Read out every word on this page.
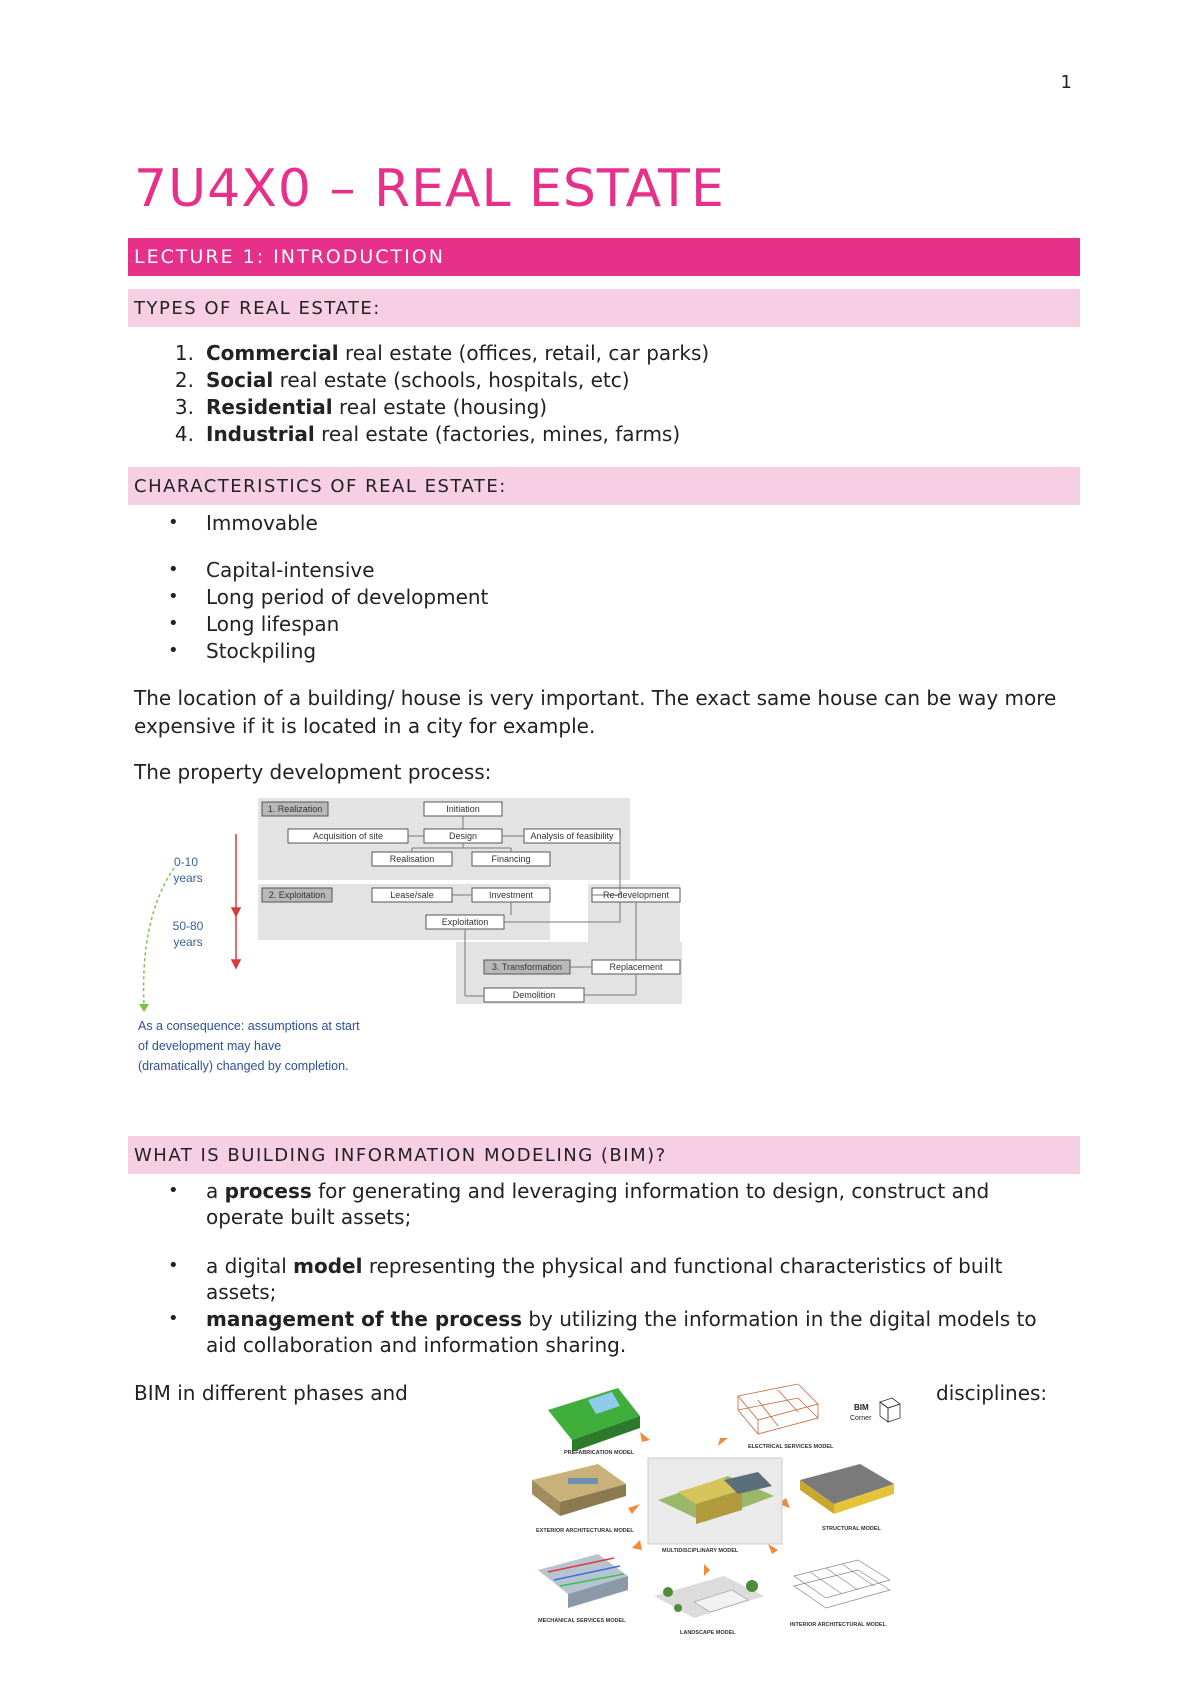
1
7U4X0 – REAL ESTATE
LECTURE 1: INTRODUCTION
TYPES OF REAL ESTATE:
1. Commercial real estate (offices, retail, car parks)
2. Social real estate (schools, hospitals, etc)
3. Residential real estate (housing)
4. Industrial real estate (factories, mines, farms)
CHARACTERISTICS OF REAL ESTATE:
• Immovable
• Capital-intensive
• Long period of development
• Long lifespan
• Stockpiling
The location of a building/ house is very important. The exact same house can be way more expensive if it is located in a city for example.
The property development process:
1. Realization	Initiation
Acquisition of site	Design	Analysis of feasibility
Realisation	Financing
2. Exploitation	Lease/sale	Investment	Re-development
Exploitation
3. Transformation	Replacement
Demolition
0-10
years
50-80
years
As a consequence: assumptions at start
of development may have
(dramatically) changed by completion.
WHAT IS BUILDING INFORMATION MODELING (BIM)?
• a process for generating and leveraging information to design, construct and
operate built assets;
• a digital model representing the physical and functional characteristics of built
assets;
• management of the process by utilizing the information in the digital models to
aid collaboration and information sharing.
BIM in different phases and	disciplines:
PREFABRICATION MODEL
ELECTRICAL SERVICES MODEL
BIM
Corner
EXTERIOR ARCHITECTURAL MODEL
MULTIDISCIPLINARY MODEL
STRUCTURAL MODEL
MECHANICAL SERVICES MODEL
LANDSCAPE MODEL
INTERIOR ARCHITECTURAL MODEL
